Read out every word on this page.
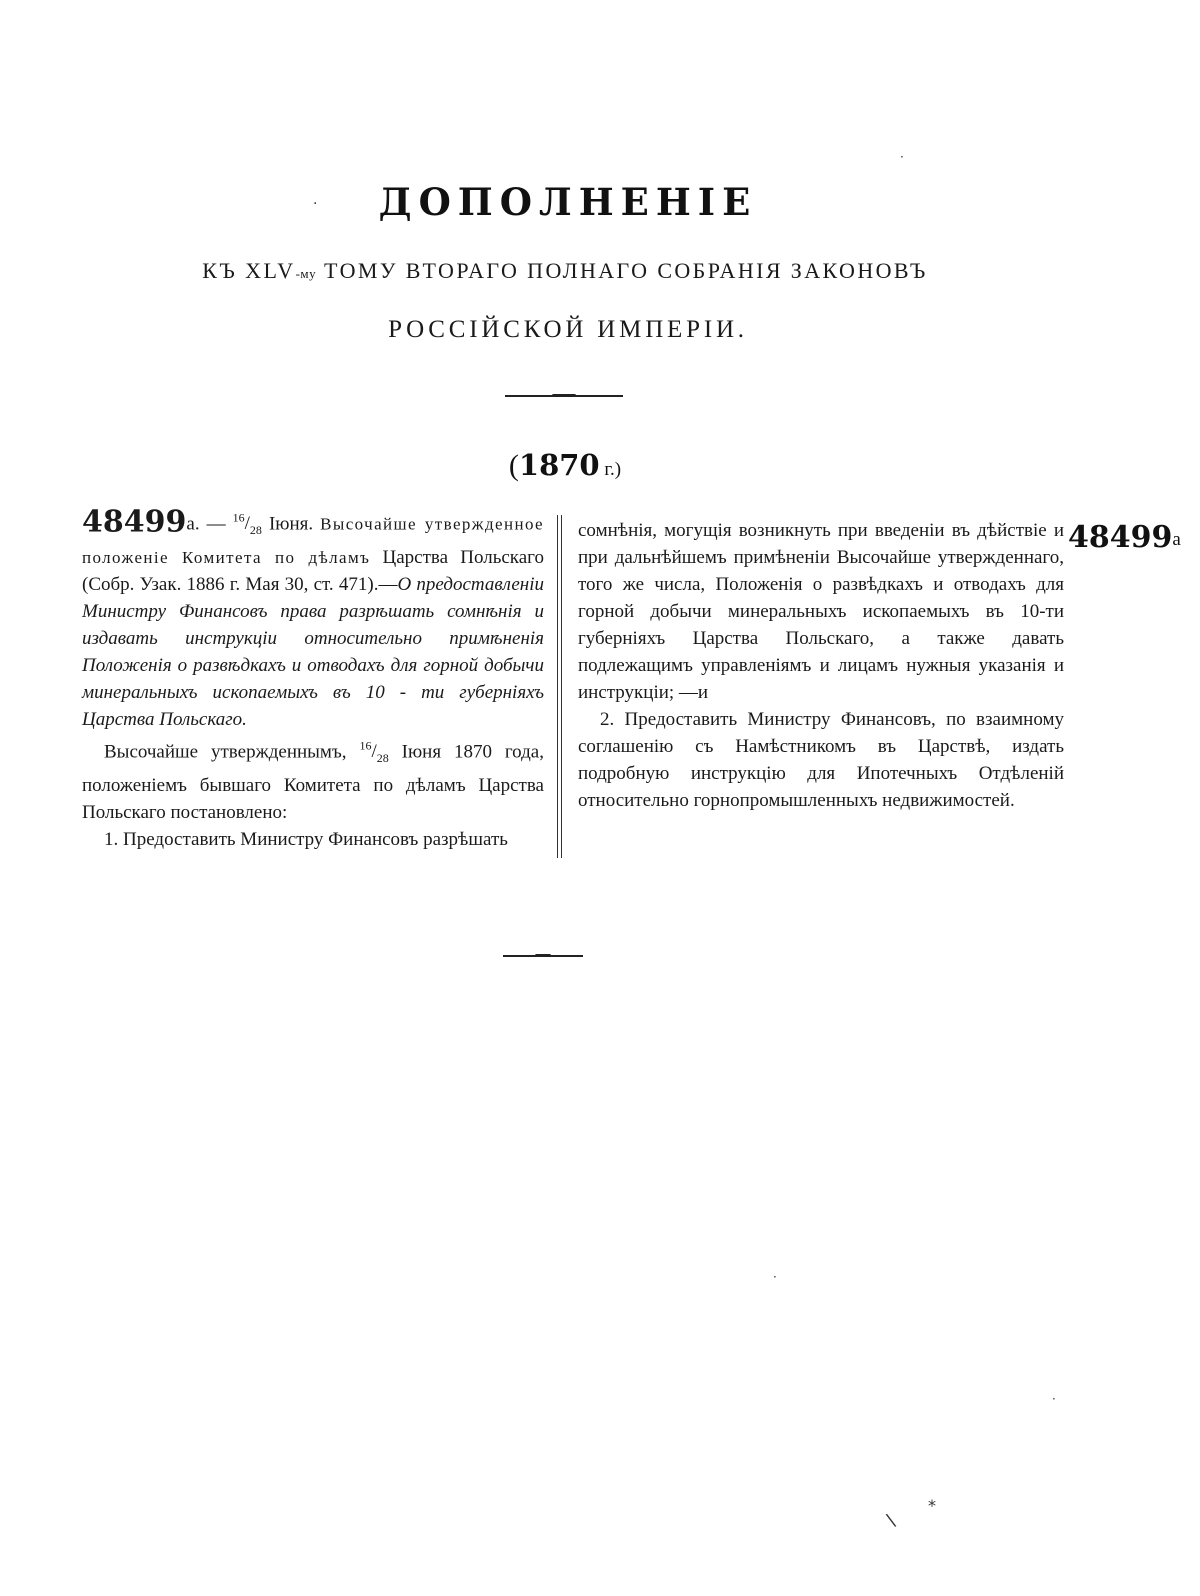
ДОПОЛНЕНІЕ
КЪ XLV-му ТОМУ ВТОРАГО ПОЛНАГО СОБРАНІЯ ЗАКОНОВЪ
РОССІЙСКОЙ ИМПЕРІИ.
(1870 г.)

48499а. — $^{16}/_{28}$ Іюня. Высочайше утвержденное положеніе Комитета по дѣламъ Царства Польскаго (Собр. Узак. 1886 г. Мая 30, ст. 471).—О предоставленіи Министру Финансовъ права разрѣшать сомнѣнія и издавать инструкціи относительно примѣненія Положенія о развѣдкахъ и отводахъ для горной добычи минеральныхъ ископаемыхъ въ 10 - ти губерніяхъ Царства Польскаго.

Высочайше утвержденнымъ, $^{16}/_{28}$ Іюня 1870 года, положеніемъ бывшаго Комитета по дѣламъ Царства Польскаго постановлено:

1. Предоставить Министру Финансовъ разрѣшать

сомнѣнія, могущія возникнуть при введеніи въ дѣйствіе и при дальнѣйшемъ примѣненіи Высочайше утвержденнаго, того же числа, Положенія о развѣдкахъ и отводахъ для горной добычи минеральныхъ ископаемыхъ въ 10-ти губерніяхъ Царства Польскаго, а также давать подлежащимъ управленіямъ и лицамъ нужныя указанія и инструкціи; —и

2. Предоставить Министру Финансовъ, по взаимному соглашенію съ Намѣстникомъ въ Царствѣ, издать подробную инструкцію для Ипотечныхъ Отдѣленій относительно горнопромышленныхъ недвижимостей.

48499а
·
·
·
·
\
*
